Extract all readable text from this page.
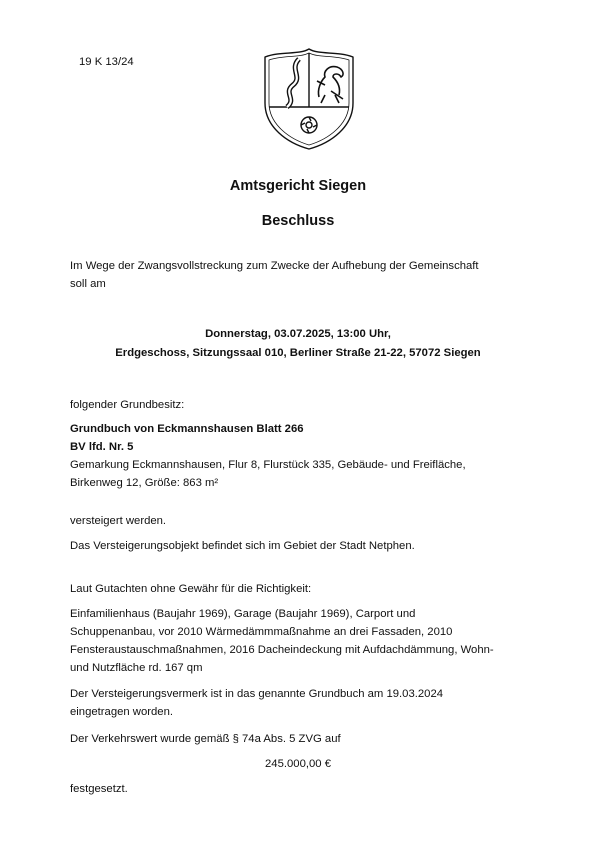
19 K 13/24
Amtsgericht Siegen
Beschluss
Im Wege der Zwangsvollstreckung zum Zwecke der Aufhebung der Gemeinschaft
soll am
Donnerstag, 03.07.2025, 13:00 Uhr,
Erdgeschoss, Sitzungssaal 010, Berliner Straße 21-22, 57072 Siegen
folgender Grundbesitz:
Grundbuch von Eckmannshausen Blatt 266
BV lfd. Nr. 5
Gemarkung Eckmannshausen, Flur 8, Flurstück 335, Gebäude- und Freifläche,
Birkenweg 12, Größe: 863 m²
versteigert werden.
Das Versteigerungsobjekt befindet sich im Gebiet der Stadt Netphen.
Laut Gutachten ohne Gewähr für die Richtigkeit:
Einfamilienhaus (Baujahr 1969), Garage (Baujahr 1969), Carport und
Schuppenanbau, vor 2010 Wärmedämmmaßnahme an drei Fassaden, 2010
Fensteraustauschmaßnahmen, 2016 Dacheindeckung mit Aufdachdämmung, Wohn-
und Nutzfläche rd. 167 qm
Der Versteigerungsvermerk ist in das genannte Grundbuch am 19.03.2024
eingetragen worden.
Der Verkehrswert wurde gemäß § 74a Abs. 5 ZVG auf
245.000,00 €
festgesetzt.
